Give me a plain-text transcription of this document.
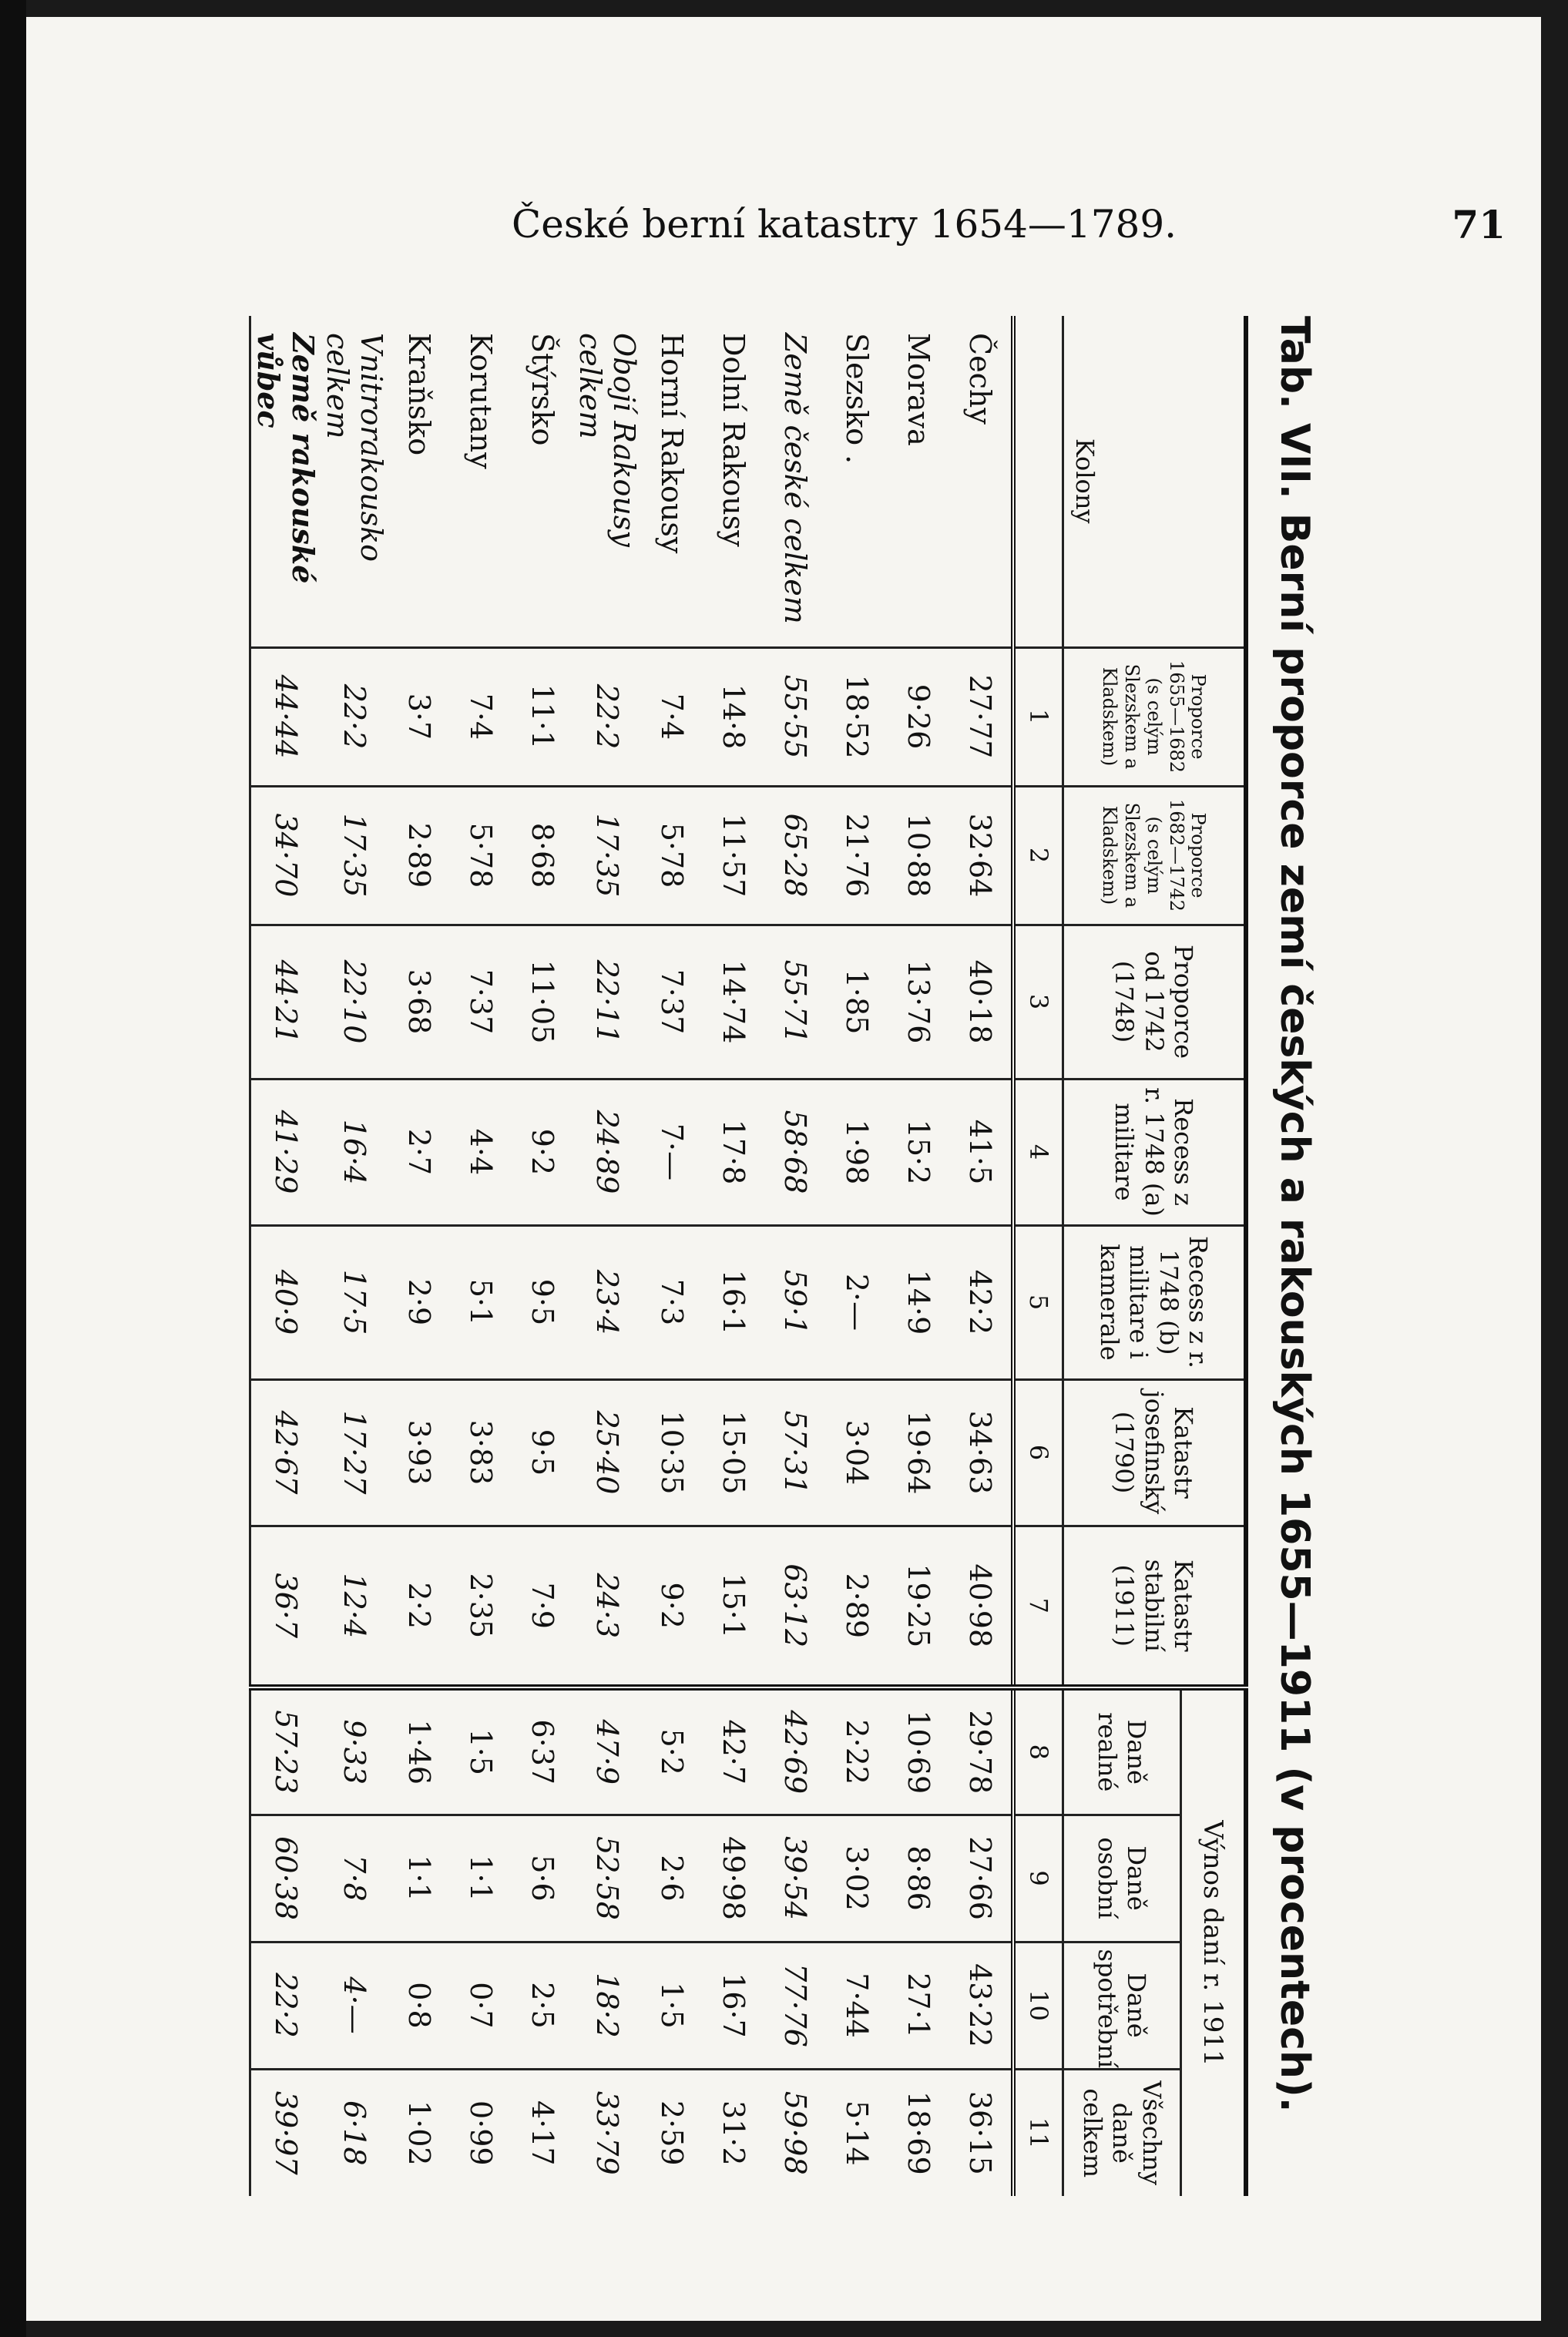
České berní katastry 1654—1789.	71
Tab. VII. Berní proporce zemí českých a rakouských 1655—1911 (v procentech).
Kolony	Proporce 1655—1682 (s celým Slezskem a Kladskem)	Proporce 1682—1742 (s celým Slezskem a Kladskem)	Proporce od 1742 (1748)	Recess z r. 1748 (a) militare	Recess z r. 1748 (b) militare i kamerale	Katastr josefinský (1790)	Katastr stabilní (1911)	Výnos daní r. 1911			
								Daně realné	Daně osobní	Daně spotřební	Všechny daně celkem
	1	2	3	4	5	6	7	8	9	10	11
Čechy	27·77	32·64	40·18	41·5	42·2	34·63	40·98	29·78	27·66	43·22	36·15
Morava	9·26	10·88	13·76	15·2	14·9	19·64	19·25	10·69	8·86	27·1	18·69
Slezsko .	18·52	21·76	1·85	1·98	2·—	3·04	2·89	2·22	3·02	7·44	5·14
Země české celkem	55·55	65·28	55·71	58·68	59·1	57·31	63·12	42·69	39·54	77·76	59·98
Dolní Rakousy	14·8	11·57	14·74	17·8	16·1	15·05	15·1	42·7	49·98	16·7	31·2
Horní Rakousy	7·4	5·78	7·37	7·—	7·3	10·35	9·2	5·2	2·6	1·5	2·59
Obojí Rakousy celkem	22·2	17·35	22·11	24·89	23·4	25·40	24·3	47·9	52·58	18·2	33·79
Štýrsko	11·1	8·68	11·05	9·2	9·5	9·5	7·9	6·37	5·6	2·5	4·17
Korutany	7·4	5·78	7·37	4·4	5·1	3·83	2·35	1·5	1·1	0·7	0·99
Kraňsko	3·7	2·89	3·68	2·7	2·9	3·93	2·2	1·46	1·1	0·8	1·02
Vnitrorakousko celkem	22·2	17·35	22·10	16·4	17·5	17·27	12·4	9·33	7·8	4·—	6·18
Země rakouské vůbec	44·44	34·70	44·21	41·29	40·9	42·67	36·7	57·23	60·38	22·2	39·97
